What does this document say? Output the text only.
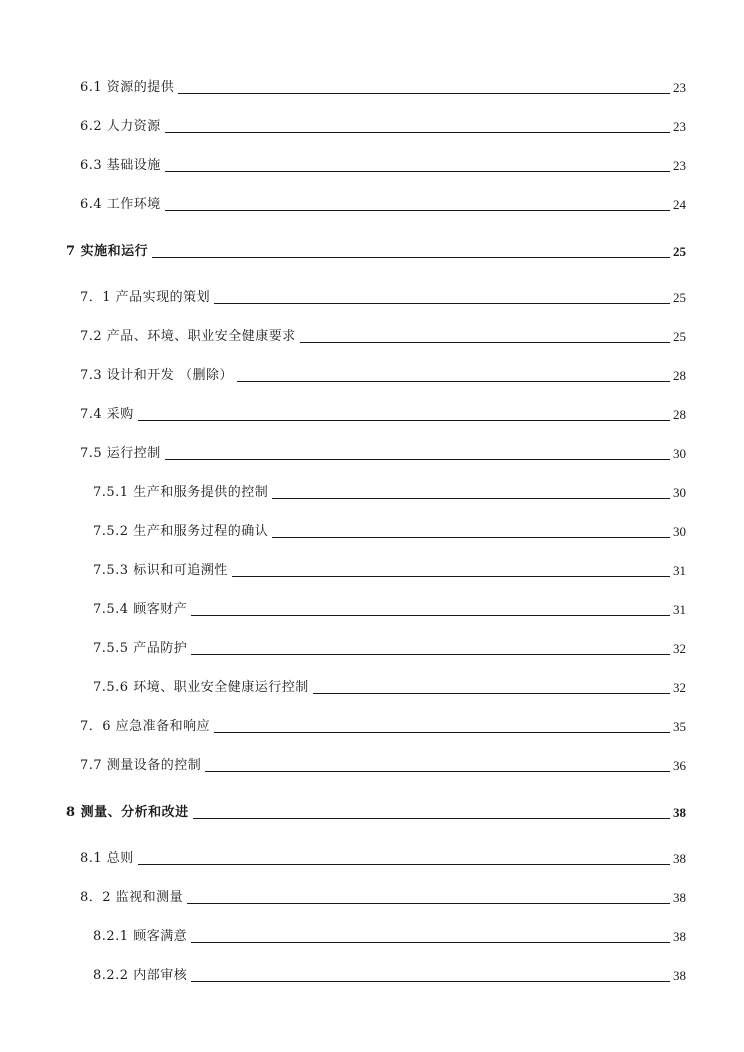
6.1 资源的提供	23
6.2 人力资源	23
6.3 基础设施	23
6.4 工作环境	24
7 实施和运行	25
7．1 产品实现的策划	25
7.2 产品、环境、职业安全健康要求	25
7.3 设计和开发 （删除）	28
7.4 采购	28
7.5 运行控制	30
7.5.1 生产和服务提供的控制	30
7.5.2 生产和服务过程的确认	30
7.5.3 标识和可追溯性	31
7.5.4 顾客财产	31
7.5.5 产品防护	32
7.5.6 环境、职业安全健康运行控制	32
7．6 应急准备和响应	35
7.7 测量设备的控制	36
8 测量、分析和改进	38
8.1 总则	38
8．2 监视和测量	38
8.2.1 顾客满意	38
8.2.2 内部审核	38
